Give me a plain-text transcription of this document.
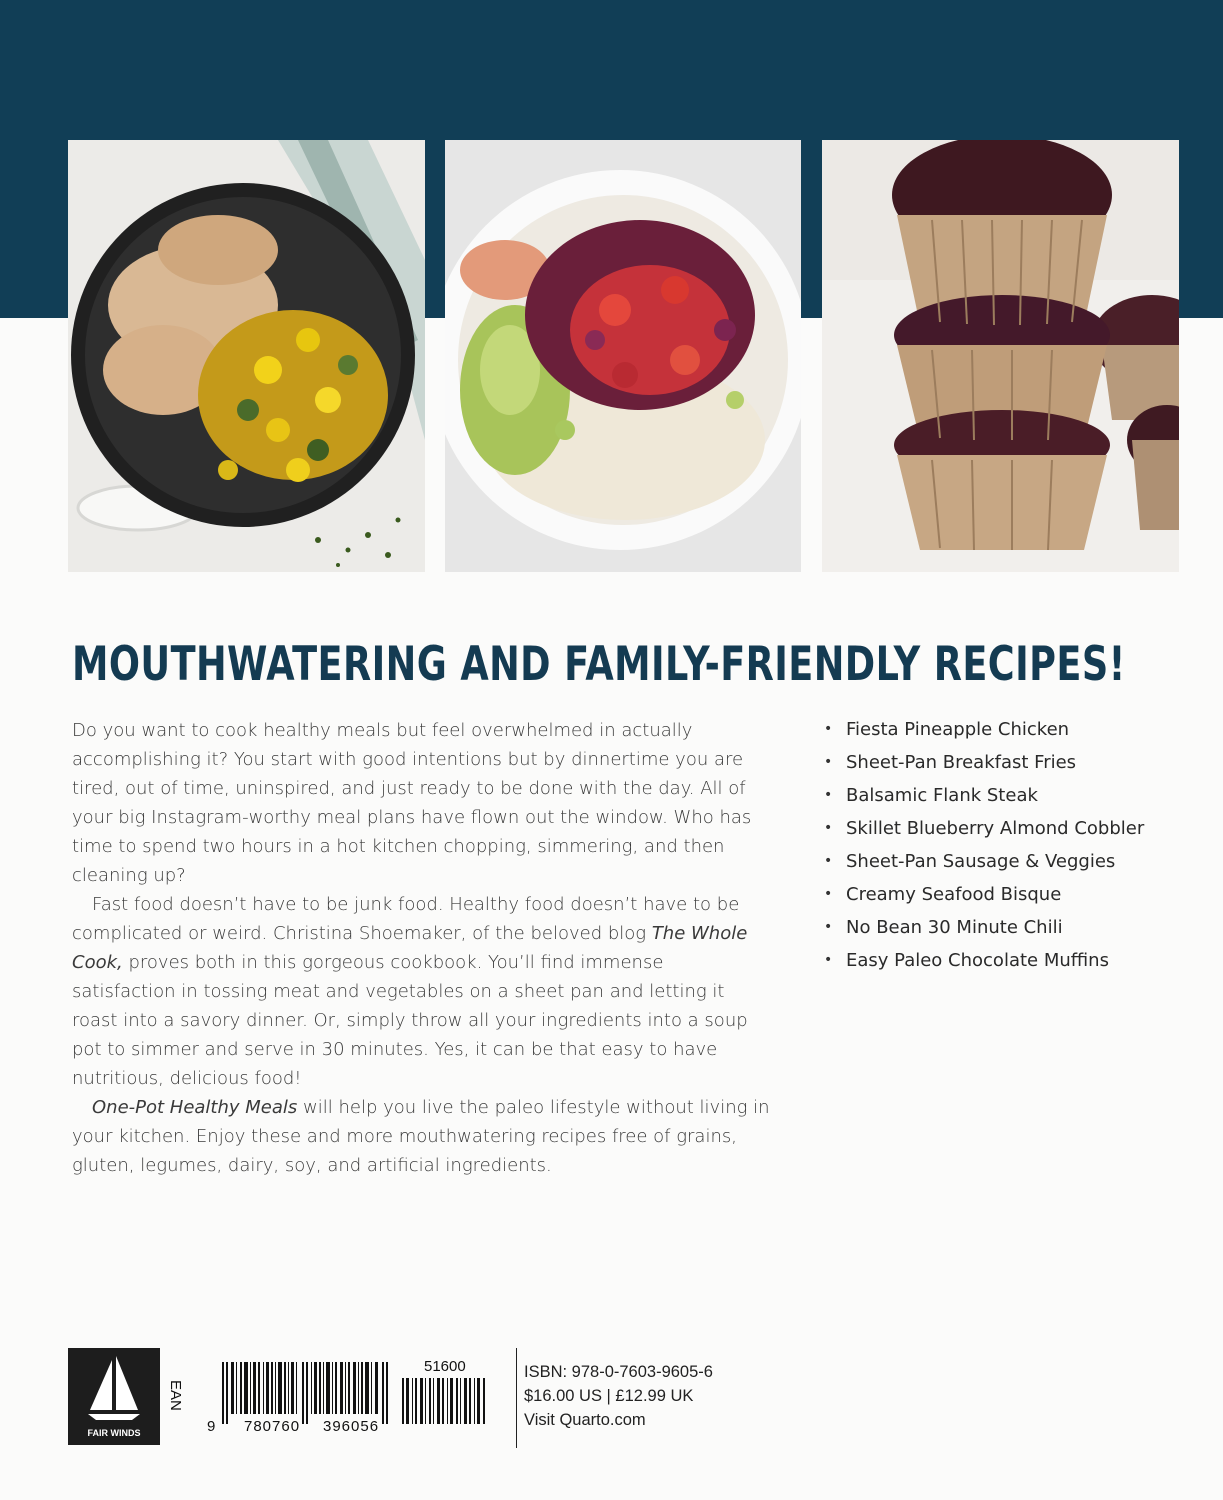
MOUTHWATERING AND FAMILY-FRIENDLY RECIPES!

Do you want to cook healthy meals but feel overwhelmed in actually accomplishing it? You start with good intentions but by dinnertime you are tired, out of time, uninspired, and just ready to be done with the day. All of your big Instagram-worthy meal plans have flown out the window. Who has time to spend two hours in a hot kitchen chopping, simmering, and then cleaning up?

Fast food doesn’t have to be junk food. Healthy food doesn’t have to be complicated or weird. Christina Shoemaker, of the beloved blog The Whole Cook, proves both in this gorgeous cookbook. You’ll find immense satisfaction in tossing meat and vegetables on a sheet pan and letting it roast into a savory dinner. Or, simply throw all your ingredients into a soup pot to simmer and serve in 30 minutes. Yes, it can be that easy to have nutritious, delicious food!

One-Pot Healthy Meals will help you live the paleo lifestyle without living in your kitchen. Enjoy these and more mouthwatering recipes free of grains, gluten, legumes, dairy, soy, and artificial ingredients.

• Fiesta Pineapple Chicken
• Sheet-Pan Breakfast Fries
• Balsamic Flank Steak
• Skillet Blueberry Almond Cobbler
• Sheet-Pan Sausage & Veggies
• Creamy Seafood Bisque
• No Bean 30 Minute Chili
• Easy Paleo Chocolate Muffins
FAIR WINDS
EAN
51600
9 780760 396056
ISBN: 978-0-7603-9605-6
$16.00 US | £12.99 UK
Visit Quarto.com
